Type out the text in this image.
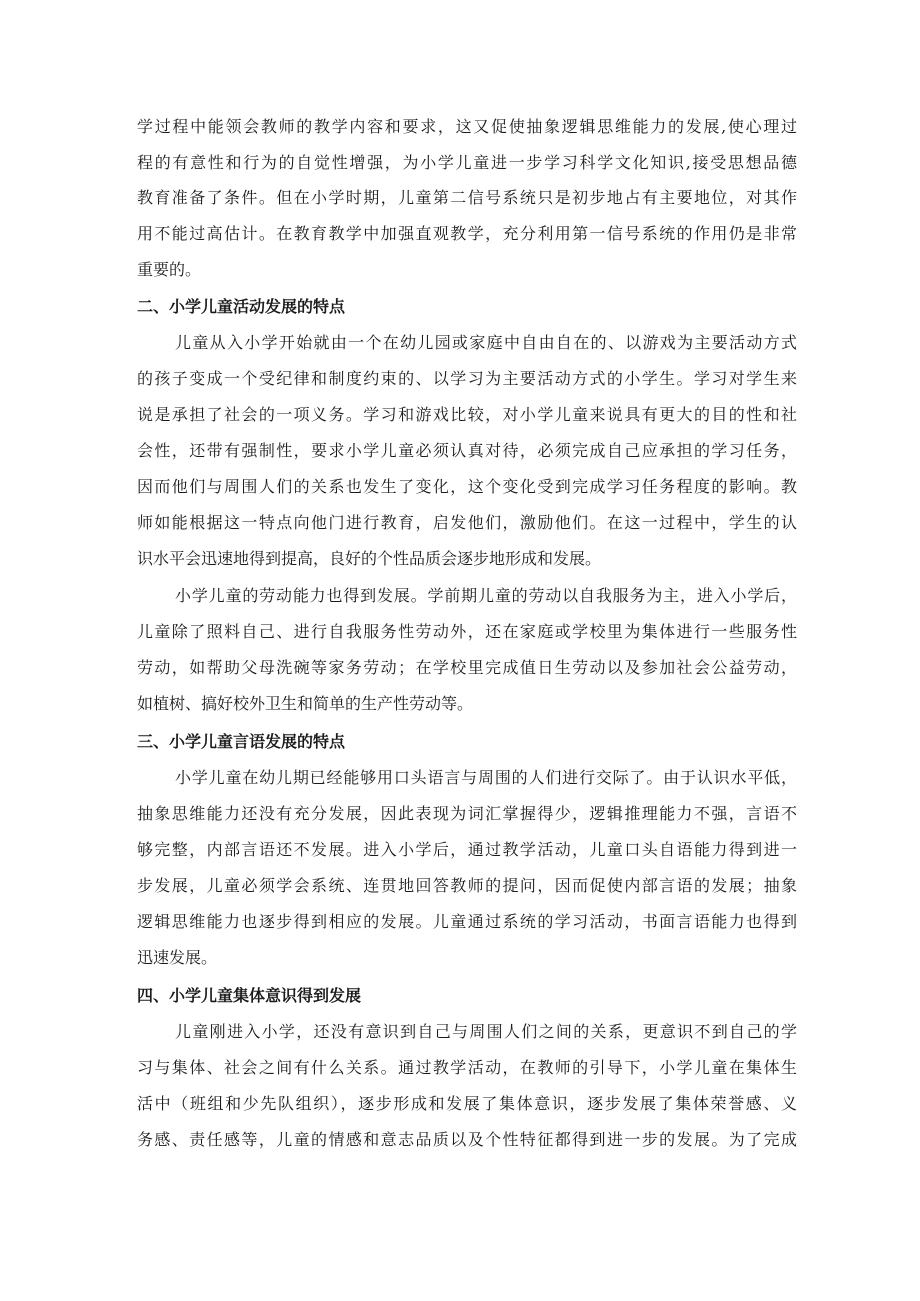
学过程中能领会教师的教学内容和要求，这又促使抽象逻辑思维能力的发展,使心理过
程的有意性和行为的自觉性增强，为小学儿童进一步学习科学文化知识,接受思想品德
教育准备了条件。但在小学时期，儿童第二信号系统只是初步地占有主要地位，对其作
用不能过高估计。在教育教学中加强直观教学，充分利用第一信号系统的作用仍是非常
重要的。
二、小学儿童活动发展的特点
儿童从入小学开始就由一个在幼儿园或家庭中自由自在的、以游戏为主要活动方式
的孩子变成一个受纪律和制度约束的、以学习为主要活动方式的小学生。学习对学生来
说是承担了社会的一项义务。学习和游戏比较，对小学儿童来说具有更大的目的性和社
会性，还带有强制性，要求小学儿童必须认真对待，必须完成自己应承担的学习任务，
因而他们与周围人们的关系也发生了变化，这个变化受到完成学习任务程度的影响。教
师如能根据这一特点向他门进行教育，启发他们，激励他们。在这一过程中，学生的认
识水平会迅速地得到提高，良好的个性品质会逐步地形成和发展。
小学儿童的劳动能力也得到发展。学前期儿童的劳动以自我服务为主，进入小学后，
儿童除了照料自己、进行自我服务性劳动外，还在家庭或学校里为集体进行一些服务性
劳动，如帮助父母洗碗等家务劳动；在学校里完成值日生劳动以及参加社会公益劳动，
如植树、搞好校外卫生和简单的生产性劳动等。
三、小学儿童言语发展的特点
小学儿童在幼儿期已经能够用口头语言与周围的人们进行交际了。由于认识水平低，
抽象思维能力还没有充分发展，因此表现为词汇掌握得少，逻辑推理能力不强，言语不
够完整，内部言语还不发展。进入小学后，通过教学活动，儿童口头自语能力得到进一
步发展，儿童必须学会系统、连贯地回答教师的提问，因而促使内部言语的发展；抽象
逻辑思维能力也逐步得到相应的发展。儿童通过系统的学习活动，书面言语能力也得到
迅速发展。
四、小学儿童集体意识得到发展
儿童刚进入小学，还没有意识到自己与周围人们之间的关系，更意识不到自己的学
习与集体、社会之间有什么关系。通过教学活动，在教师的引导下，小学儿童在集体生
活中（班组和少先队组织），逐步形成和发展了集体意识，逐步发展了集体荣誉感、义
务感、责任感等，儿童的情感和意志品质以及个性特征都得到进一步的发展。为了完成
